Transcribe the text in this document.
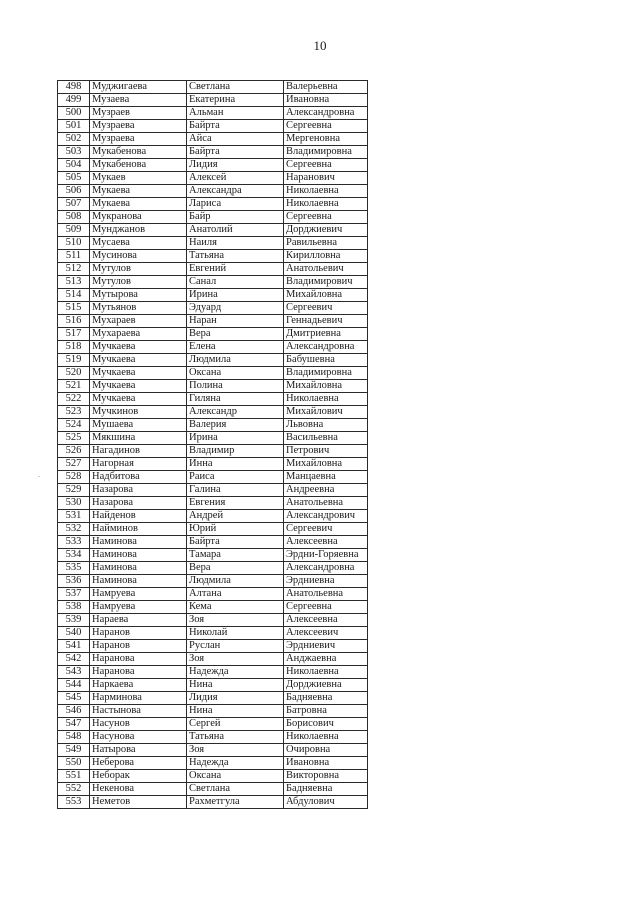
10
498	Муджигаева	Светлана	Валерьевна
499	Музаева	Екатерина	Ивановна
500	Музраев	Альман	Александровна
501	Музраева	Байрта	Сергеевна
502	Музраева	Айса	Мергеновна
503	Мукабенова	Байрта	Владимировна
504	Мукабенова	Лидия	Сергеевна
505	Мукаев	Алексей	Наранович
506	Мукаева	Александра	Николаевна
507	Мукаева	Лариса	Николаевна
508	Мукранова	Байр	Сергеевна
509	Мунджанов	Анатолий	Дорджиевич
510	Мусаева	Наиля	Равильевна
511	Мусинова	Татьяна	Кирилловна
512	Мутулов	Евгений	Анатольевич
513	Мутулов	Санал	Владимирович
514	Мутырова	Ирина	Михайловна
515	Мутьянов	Эдуард	Сергеевич
516	Мухараев	Наран	Геннадьевич
517	Мухараева	Вера	Дмитриевна
518	Мучкаева	Елена	Александровна
519	Мучкаева	Людмила	Бабушевна
520	Мучкаева	Оксана	Владимировна
521	Мучкаева	Полина	Михайловна
522	Мучкаева	Гиляна	Николаевна
523	Мучкинов	Александр	Михайлович
524	Мушаева	Валерия	Львовна
525	Мякшина	Ирина	Васильевна
526	Нагадинов	Владимир	Петрович
527	Нагорная	Инна	Михайловна
528	Надбитова	Раиса	Манцаевна
529	Назарова	Галина	Андреевна
530	Назарова	Евгения	Анатольевна
531	Найденов	Андрей	Александрович
532	Найминов	Юрий	Сергеевич
533	Наминова	Байрта	Алексеевна
534	Наминова	Тамара	Эрдни-Горяевна
535	Наминова	Вера	Александровна
536	Наминова	Людмила	Эрдниевна
537	Намруева	Алтана	Анатольевна
538	Намруева	Кема	Сергеевна
539	Нараева	Зоя	Алексеевна
540	Наранов	Николай	Алексеевич
541	Наранов	Руслан	Эрдниевич
542	Наранова	Зоя	Анджаевна
543	Наранова	Надежда	Николаевна
544	Наркаева	Нина	Дорджиевна
545	Нарминова	Лидия	Бадняевна
546	Настынова	Нина	Батровна
547	Насунов	Сергей	Борисович
548	Насунова	Татьяна	Николаевна
549	Натырова	Зоя	Очировна
550	Неберова	Надежда	Ивановна
551	Неборак	Оксана	Викторовна
552	Некенова	Светлана	Бадняевна
553	Неметов	Рахметгула	Абдулович
.
